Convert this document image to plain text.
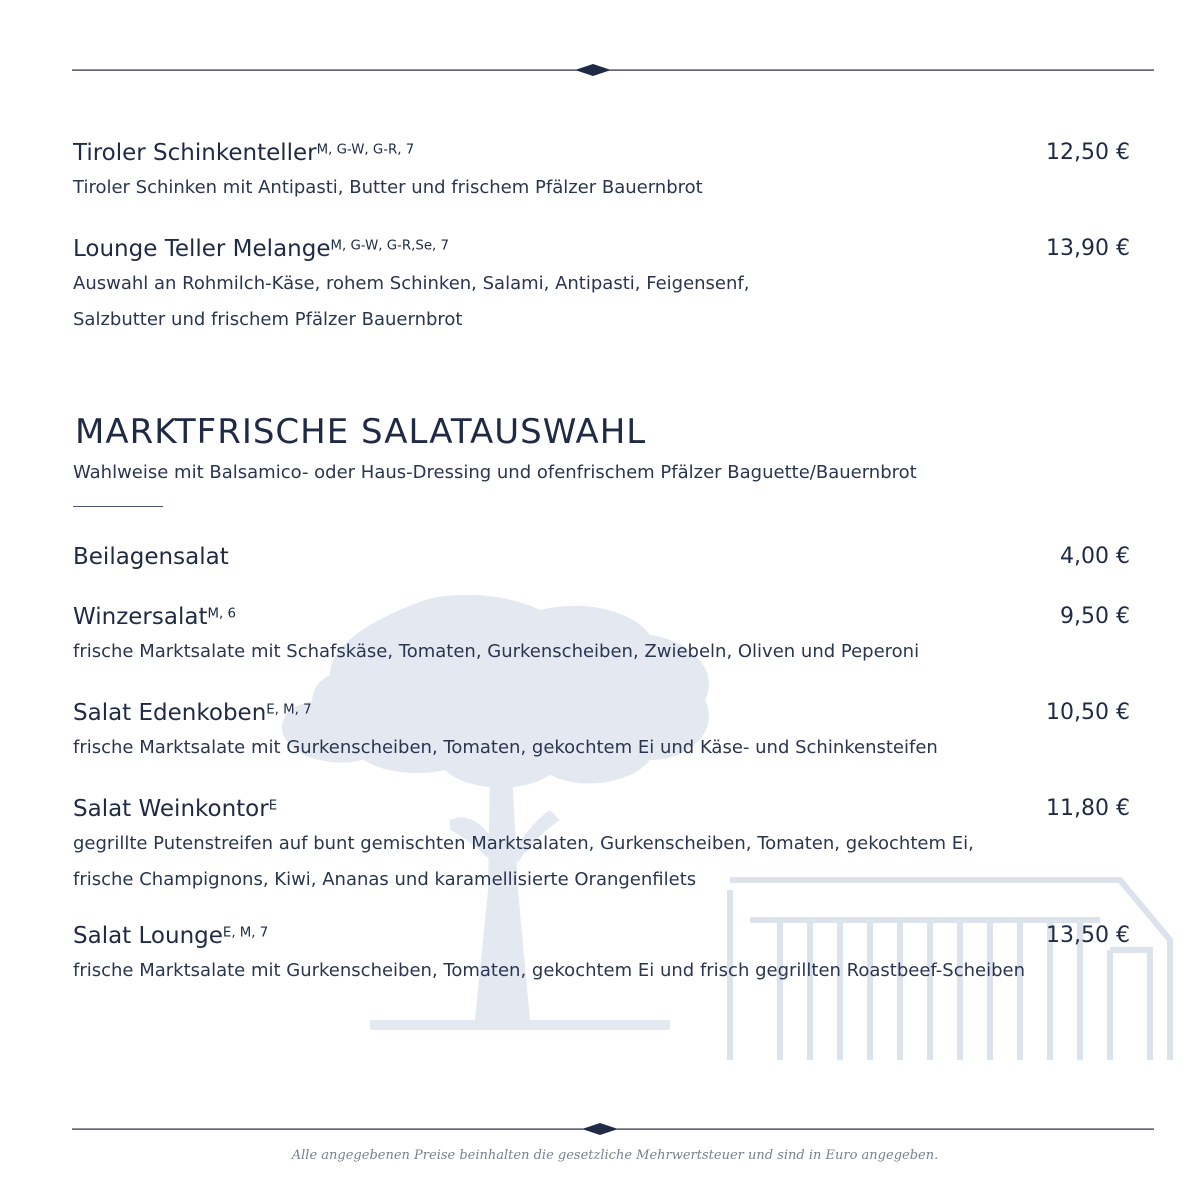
Tiroler Schinkenteller$^{M, G-W, G-R, 7}$	12,50 €
Tiroler Schinken mit Antipasti, Butter und frischem Pfälzer Bauernbrot
Lounge Teller Melange$^{M, G-W, G-R,Se, 7}$	13,90 €
Auswahl an Rohmilch-Käse, rohem Schinken, Salami, Antipasti, Feigensenf,
Salzbutter und frischem Pfälzer Bauernbrot
MARKTFRISCHE SALATAUSWAHL
Wahlweise mit Balsamico- oder Haus-Dressing und ofenfrischem Pfälzer Baguette/Bauernbrot
Beilagensalat	4,00 €
Winzersalat$^{M, 6}$	9,50 €
frische Marktsalate mit Schafskäse, Tomaten, Gurkenscheiben, Zwiebeln, Oliven und Peperoni
Salat Edenkoben$^{E, M, 7}$	10,50 €
frische Marktsalate mit Gurkenscheiben, Tomaten, gekochtem Ei und Käse- und Schinkensteifen
Salat Weinkontor$^E$	11,80 €
gegrillte Putenstreifen auf bunt gemischten Marktsalaten, Gurkenscheiben, Tomaten, gekochtem Ei,
frische Champignons, Kiwi, Ananas und karamellisierte Orangenfilets
Salat Lounge$^{E, M, 7}$	13,50 €
frische Marktsalate mit Gurkenscheiben, Tomaten, gekochtem Ei und frisch gegrillten Roastbeef-Scheiben
Alle angegebenen Preise beinhalten die gesetzliche Mehrwertsteuer und sind in Euro angegeben.
